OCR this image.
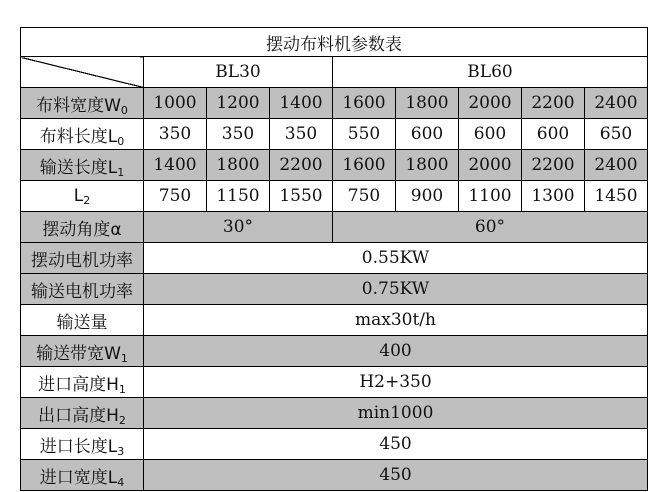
摆动布料机参数表								
	BL30			BL60				
布料宽度$W_0$	1000	1200	1400	1600	1800	2000	2200	2400
布料长度$L_0$	350	350	350	550	600	600	600	650
输送长度$L_1$	1400	1800	2200	1600	1800	2000	2200	2400
$L_2$	750	1150	1550	750	900	1100	1300	1450
摆动角度α	30°			60°				
摆动电机功率	0.55KW							
输送电机功率	0.75KW							
输送量	max30t/h							
输送带宽$W_1$	400							
进口高度$H_1$	H2+350							
出口高度$H_2$	min1000							
进口长度$L_3$	450							
进口宽度$L_4$	450							
